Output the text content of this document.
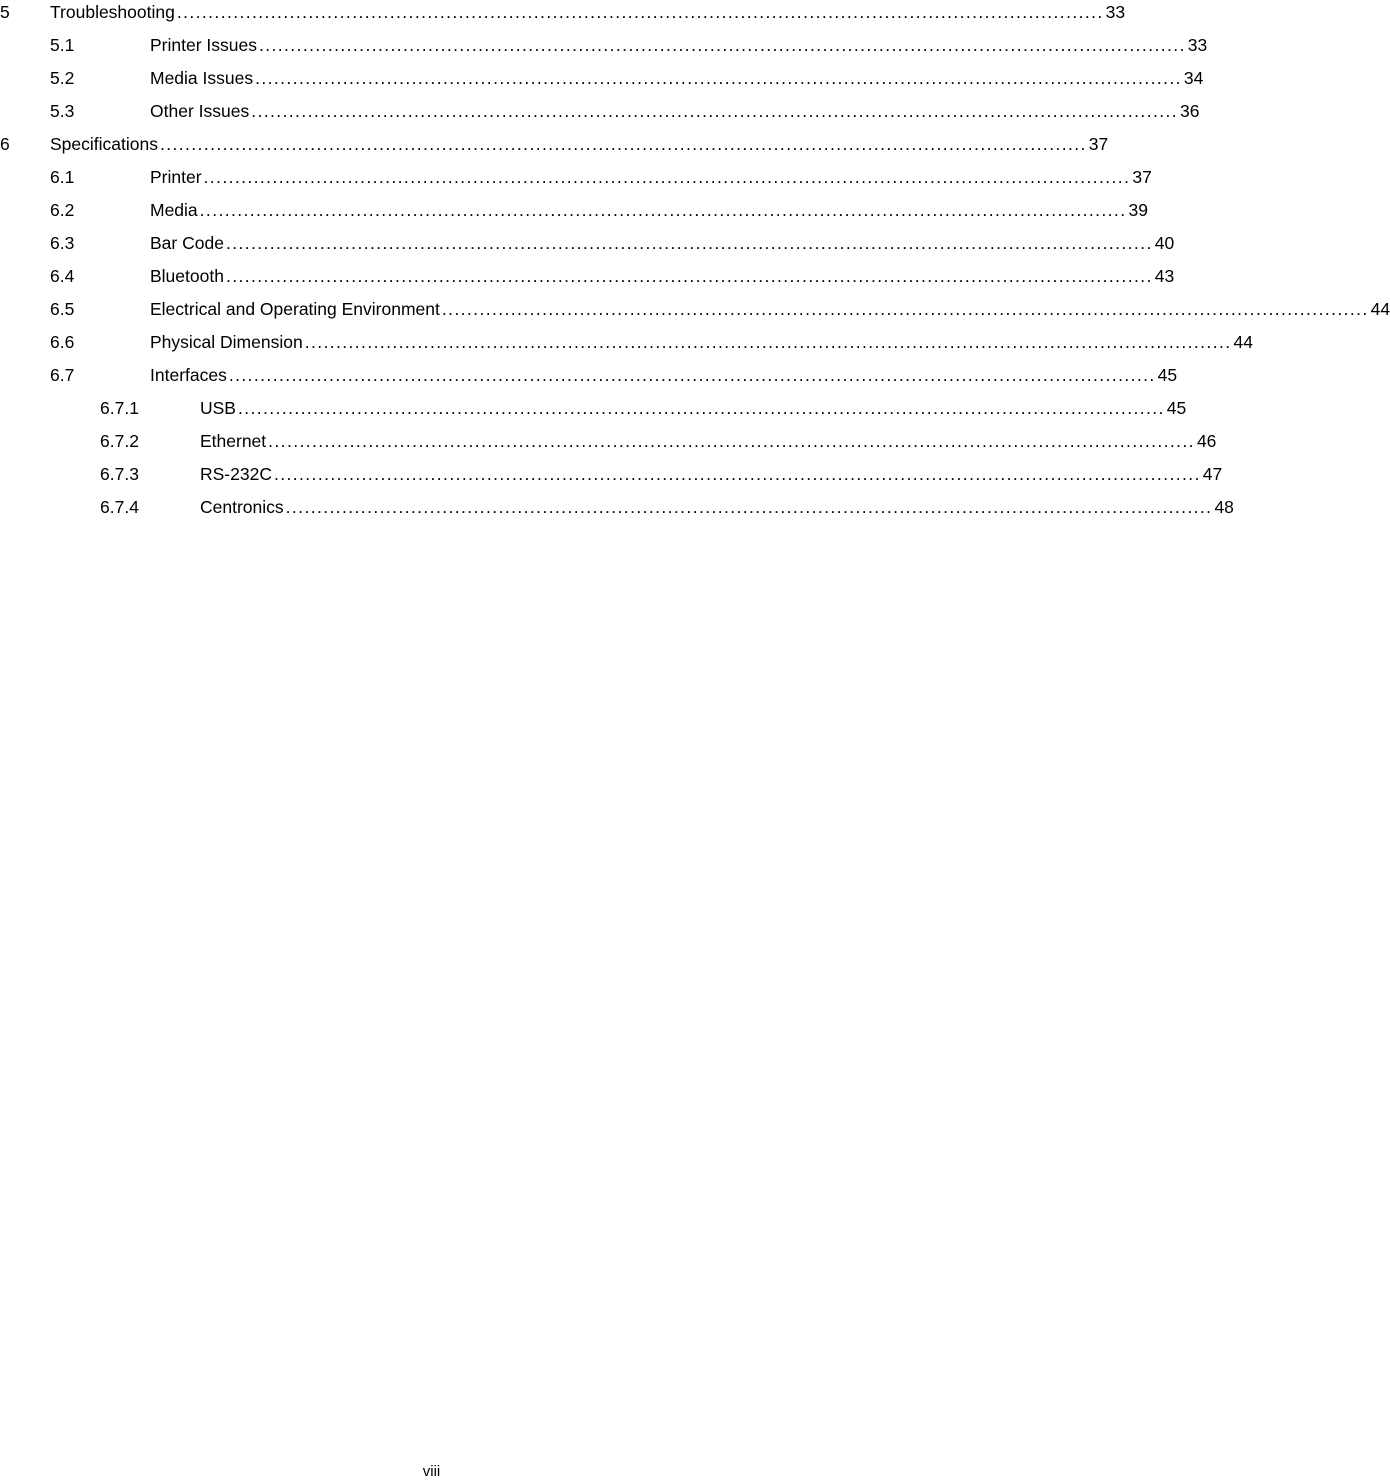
5 Troubleshooting .................................................................................................................................................... 33
5.1	Printer Issues .................................................................................................................................................... 33
5.2	Media Issues .................................................................................................................................................... 34
5.3	Other Issues .................................................................................................................................................... 36
6 Specifications .................................................................................................................................................... 37
6.1	Printer .................................................................................................................................................... 37
6.2	Media .................................................................................................................................................... 39
6.3	Bar Code .................................................................................................................................................... 40
6.4	Bluetooth .................................................................................................................................................... 43
6.5	Electrical and Operating Environment .................................................................................................................................................... 44
6.6	Physical Dimension .................................................................................................................................................... 44
6.7	Interfaces .................................................................................................................................................... 45
6.7.1	USB .................................................................................................................................................... 45
6.7.2	Ethernet .................................................................................................................................................... 46
6.7.3	RS-232C .................................................................................................................................................... 47
6.7.4	Centronics .................................................................................................................................................... 48
viii
